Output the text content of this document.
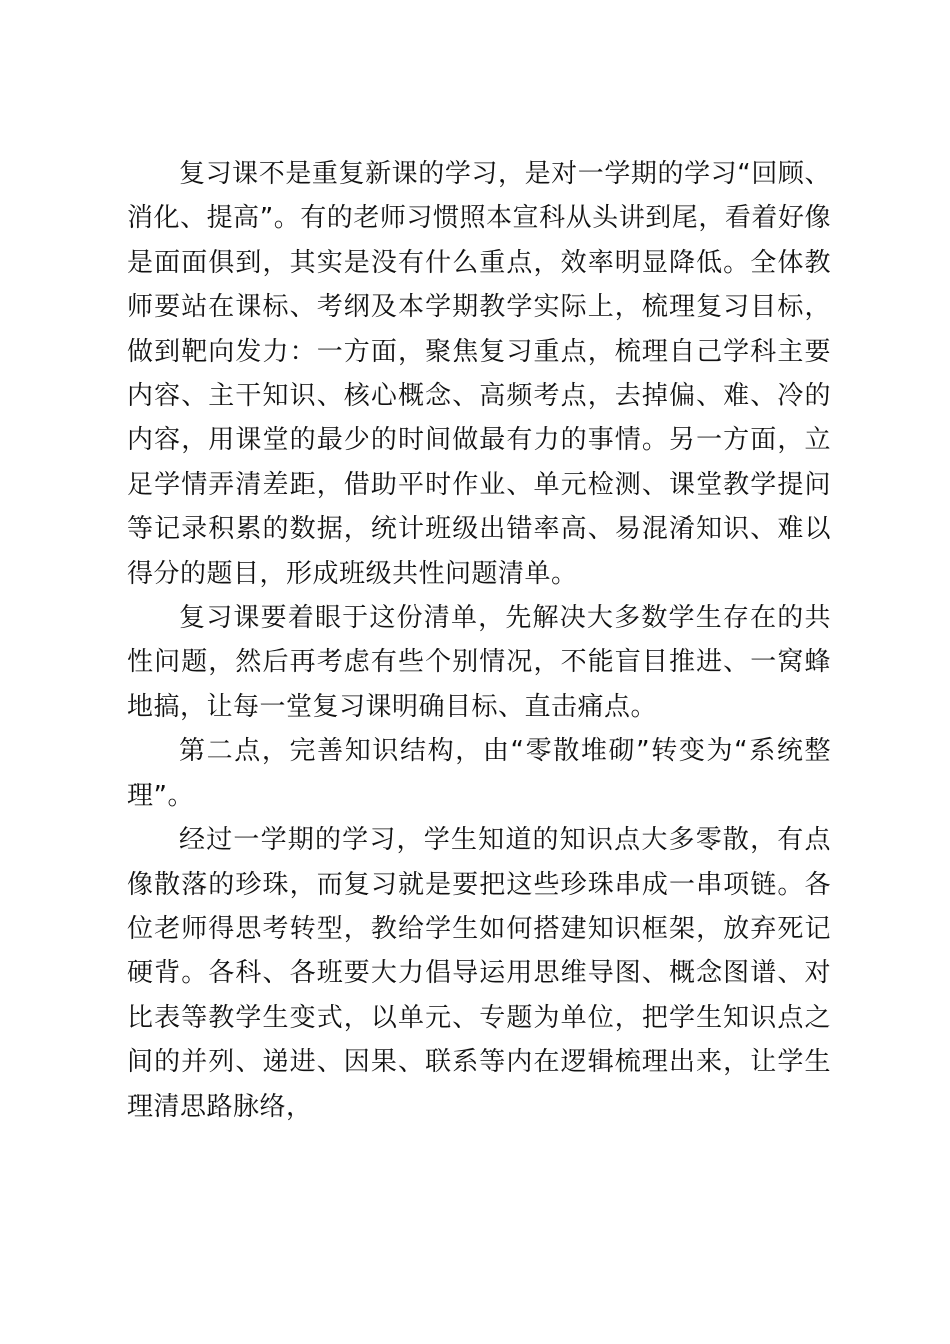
复习课不是重复新课的学习，是对一学期的学习“回顾、消化、提高”。有的老师习惯照本宣科从头讲到尾，看着好像是面面俱到，其实是没有什么重点，效率明显降低。全体教师要站在课标、考纲及本学期教学实际上，梳理复习目标，做到靶向发力：一方面，聚焦复习重点，梳理自己学科主要内容、主干知识、核心概念、高频考点，去掉偏、难、冷的内容，用课堂的最少的时间做最有力的事情。另一方面，立足学情弄清差距，借助平时作业、单元检测、课堂教学提问等记录积累的数据，统计班级出错率高、易混淆知识、难以得分的题目，形成班级共性问题清单。

复习课要着眼于这份清单，先解决大多数学生存在的共性问题，然后再考虑有些个别情况，不能盲目推进、一窝蜂地搞，让每一堂复习课明确目标、直击痛点。

第二点，完善知识结构，由“零散堆砌”转变为“系统整理”。

经过一学期的学习，学生知道的知识点大多零散，有点像散落的珍珠，而复习就是要把这些珍珠串成一串项链。各位老师得思考转型，教给学生如何搭建知识框架，放弃死记硬背。各科、各班要大力倡导运用思维导图、概念图谱、对比表等教学生变式，以单元、专题为单位，把学生知识点之间的并列、递进、因果、联系等内在逻辑梳理出来，让学生理清思路脉络，
